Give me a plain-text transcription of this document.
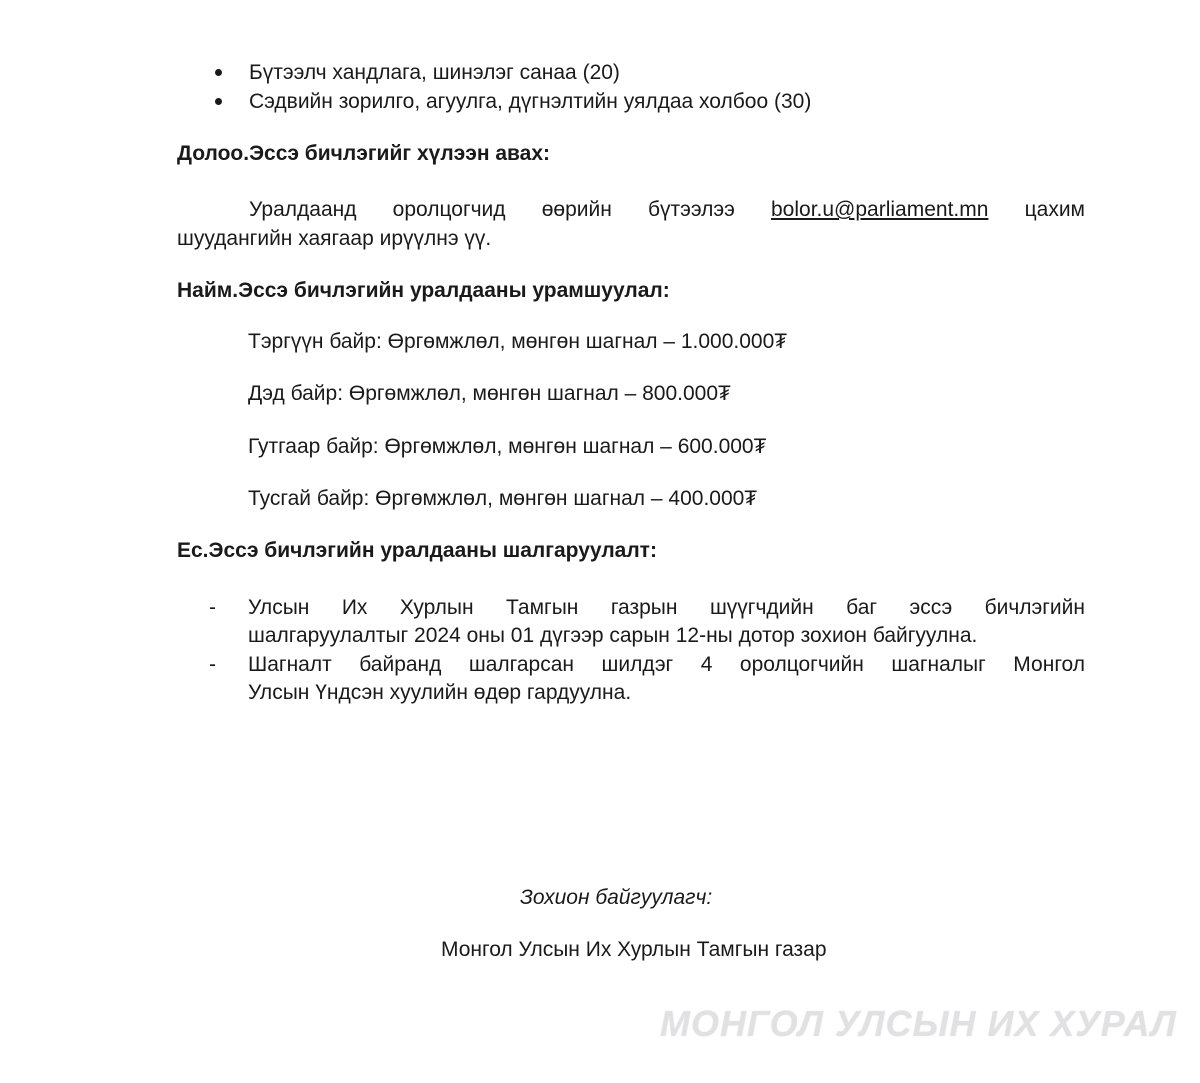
Бүтээлч хандлага, шинэлэг санаа (20)
Сэдвийн зорилго, агуулга, дүгнэлтийн уялдаа холбоо (30)
Долоо.Эссэ бичлэгийг хүлээн авах:
Уралдаанд оролцогчид өөрийн бүтээлээ bolor.u@parliament.mn цахим
шуудангийн хаягаар ирүүлнэ үү.
Найм.Эссэ бичлэгийн уралдааны урамшуулал:
Тэргүүн байр: Өргөмжлөл, мөнгөн шагнал – 1.000.000₮
Дэд байр: Өргөмжлөл, мөнгөн шагнал – 800.000₮
Гутгаар байр: Өргөмжлөл, мөнгөн шагнал – 600.000₮
Тусгай байр: Өргөмжлөл, мөнгөн шагнал – 400.000₮
Ес.Эссэ бичлэгийн уралдааны шалгаруулалт:
- Улсын Их Хурлын Тамгын газрын шүүгчдийн баг эссэ бичлэгийн
шалгаруулалтыг 2024 оны 01 дүгээр сарын 12-ны дотор зохион байгуулна.
- Шагналт байранд шалгарсан шилдэг 4 оролцогчийн шагналыг Монгол
Улсын Үндсэн хуулийн өдөр гардуулна.
Зохион байгуулагч:
Монгол Улсын Их Хурлын Тамгын газар
МОНГОЛ УЛСЫН ИХ ХУРАЛ
